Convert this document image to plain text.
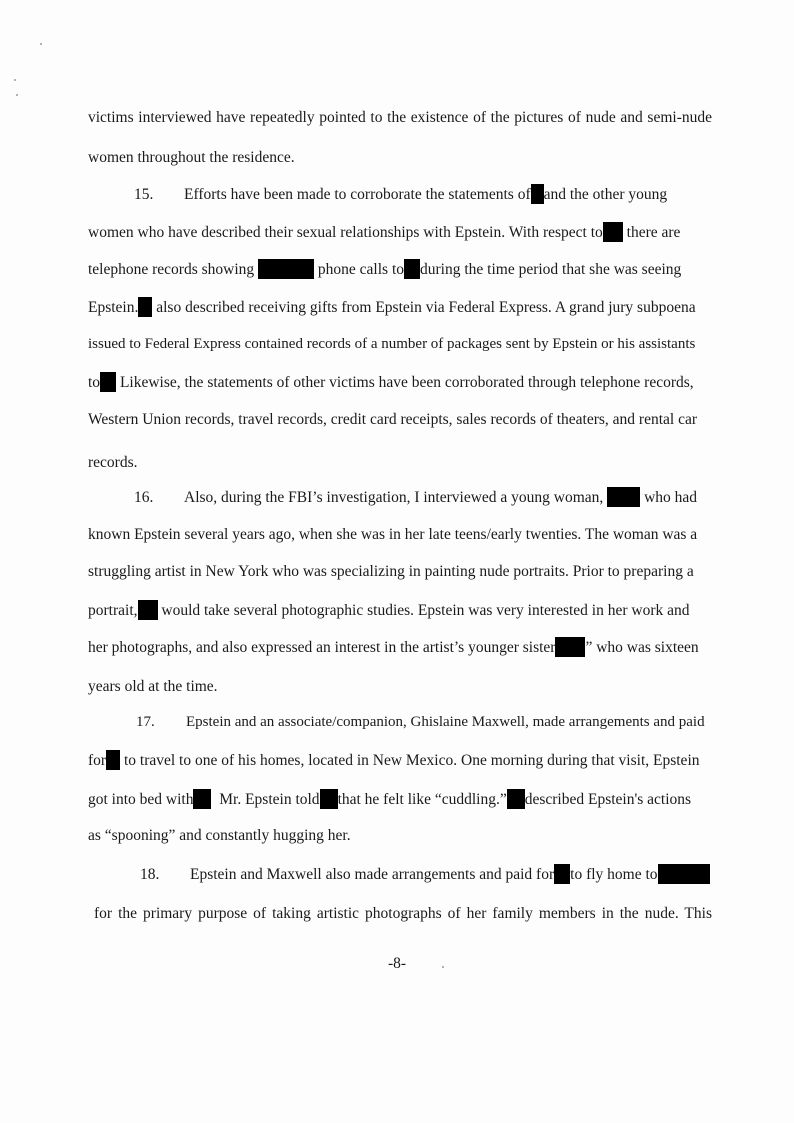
victims interviewed have repeatedly pointed to the existence of the pictures of nude and semi-nude
women throughout the residence.
15. Efforts have been made to corroborate the statements of and the other young
women who have described their sexual relationships with Epstein. With respect to there are
telephone records showing	phone calls to during the time period that she was seeing
Epstein. also described receiving gifts from Epstein via Federal Express. A grand jury subpoena
issued to Federal Express contained records of a number of packages sent by Epstein or his assistants
to Likewise, the statements of other victims have been corroborated through telephone records,
Western Union records, travel records, credit card receipts, sales records of theaters, and rental car
records.
16. Also, during the FBI’s investigation, I interviewed a young woman,	who had
known Epstein several years ago, when she was in her late teens/early twenties. The woman was a
struggling artist in New York who was specializing in painting nude portraits. Prior to preparing a
portrait, would take several photographic studies. Epstein was very interested in her work and
her photographs, and also expressed an interest in the artist’s younger sister ” who was sixteen
years old at the time.
17. Epstein and an associate/companion, Ghislaine Maxwell, made arrangements and paid
for to travel to one of his homes, located in New Mexico. One morning during that visit, Epstein
got into bed with Mr. Epstein told that he felt like “cuddling.” described Epstein's actions
as “spooning” and constantly hugging her.
18. Epstein and Maxwell also made arrangements and paid for to fly home to
for the primary purpose of taking artistic photographs of her family members in the nude. This
-8-
